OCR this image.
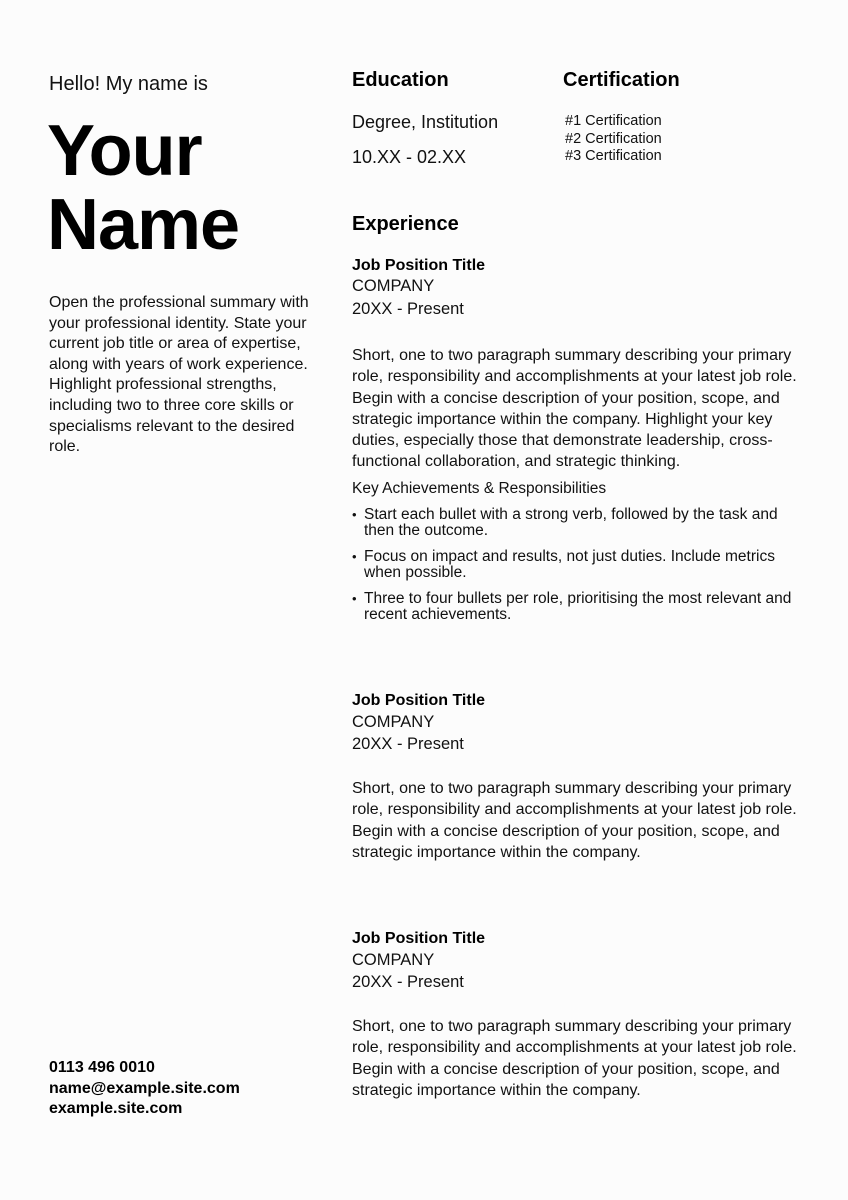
Hello! My name is
Your
Name
Open the professional summary with your professional identity. State your current job title or area of expertise, along with years of work experience. Highlight professional strengths, including two to three core skills or specialisms relevant to the desired role.
0113 496 0010
name@example.site.com
example.site.com
Education
Degree, Institution
10.XX - 02.XX
Certification
#1 Certification
#2 Certification
#3 Certification
Experience
Job Position Title
COMPANY
20XX - Present
Short, one to two paragraph summary describing your primary role, responsibility and accomplishments at your latest job role. Begin with a concise description of your position, scope, and strategic importance within the company. Highlight your key duties, especially those that demonstrate leadership, cross-functional collaboration, and strategic thinking.
Key Achievements & Responsibilities
• Start each bullet with a strong verb, followed by the task and then the outcome.
• Focus on impact and results, not just duties. Include metrics when possible.
• Three to four bullets per role, prioritising the most relevant and recent achievements.
Job Position Title
COMPANY
20XX - Present
Short, one to two paragraph summary describing your primary role, responsibility and accomplishments at your latest job role. Begin with a concise description of your position, scope, and strategic importance within the company.
Job Position Title
COMPANY
20XX - Present
Short, one to two paragraph summary describing your primary role, responsibility and accomplishments at your latest job role. Begin with a concise description of your position, scope, and strategic importance within the company.
